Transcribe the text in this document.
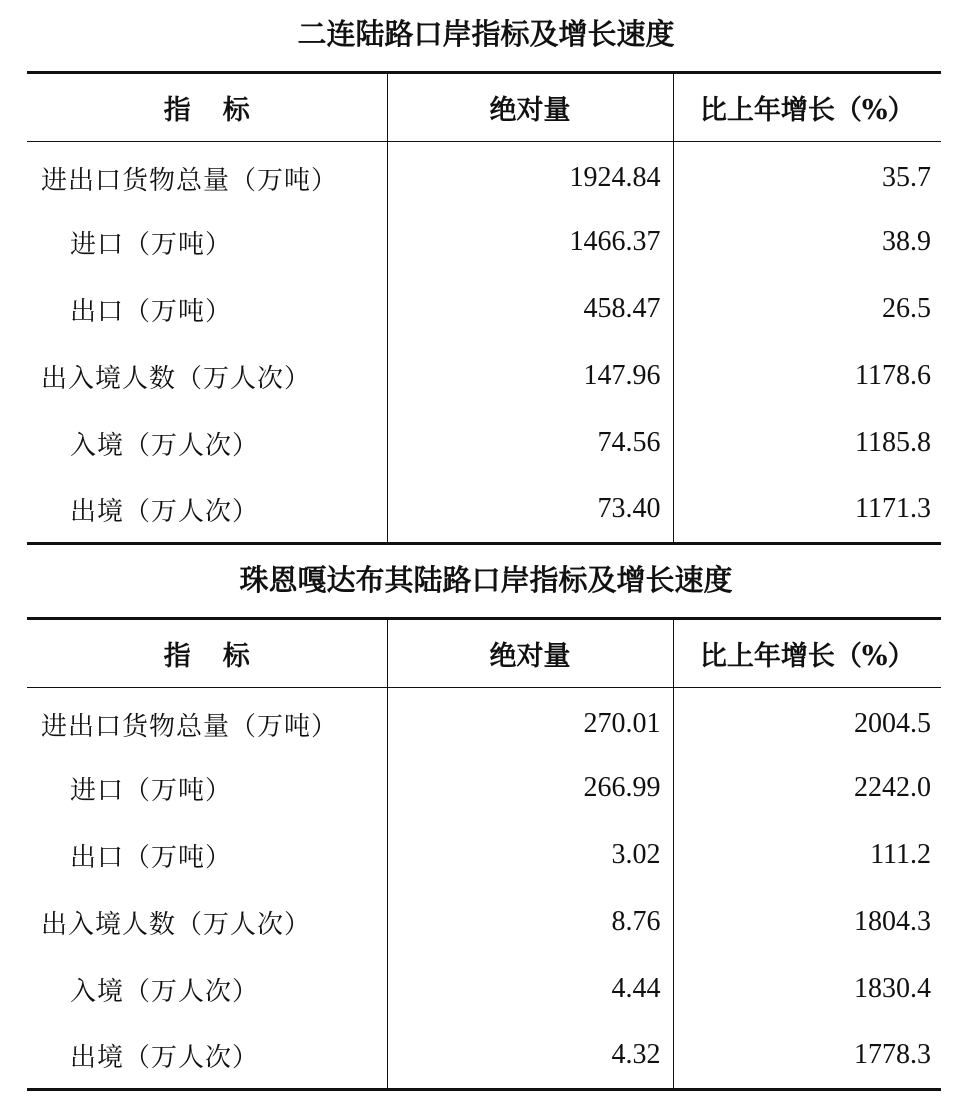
二连陆路口岸指标及增长速度
指标	绝对量	比上年增长（%）
进出口货物总量（万吨）	1924.84	35.7
进口（万吨）	1466.37	38.9
出口（万吨）	458.47	26.5
出入境人数（万人次）	147.96	1178.6
入境（万人次）	74.56	1185.8
出境（万人次）	73.40	1171.3
珠恩嘎达布其陆路口岸指标及增长速度
指标	绝对量	比上年增长（%）
进出口货物总量（万吨）	270.01	2004.5
进口（万吨）	266.99	2242.0
出口（万吨）	3.02	111.2
出入境人数（万人次）	8.76	1804.3
入境（万人次）	4.44	1830.4
出境（万人次）	4.32	1778.3
